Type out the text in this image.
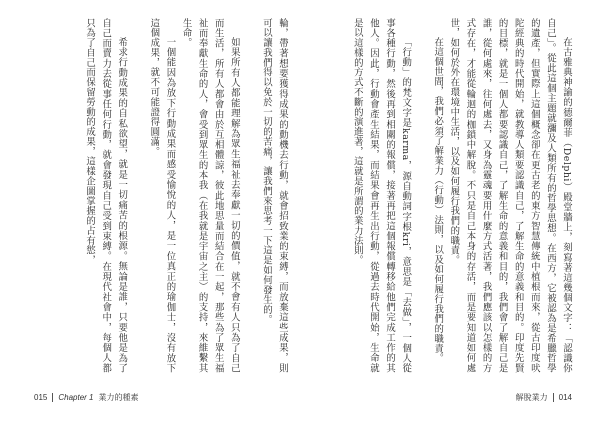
在古雅典神諭的德爾菲（Delphi）殿堂牆上，刻寫著這幾個文字：「認識你自己」。從此這個主題就瀰及人類所有的哲學思想。在西方，它被認為是希臘哲學的遺產，但實際上這個概念卻在更古老的東方智慧傳統中植根而來，從古印度吠陀經典的時代開始，就教導人類要認識自己，了解生命的意義和目的。印度先賢的目標，就是一個人都要認識自己，了解生命的意義和目的，我們會了解自己是誰，從何處來，往何處去，又身為靈魂要用什麼方式活著，我們應該以怎樣的方式存在，才能從輪迴的枷鎖中解脫。不只是自己本身的存活，而是要知道如何處世，如何於外在環境中生活，以及如何履行我們的職責。

在這個世間，我們必須了解業力（行動）法則，以及如何履行我們的職責。

「行動」的梵文字是karma，源自動詞字根kri，意思是「去做」，一個人從事各種行動，然後再到相關的報償，接著再把這個報償轉移給他們完成工作的其他人。因此，行動會產生結果，而結果會再生出行動，從過去時代開始，生命就是以這樣的方式不斷的演進著，這就是所謂的業力法則。

輪，帶著想要獲得成果的動機去行動，就會招致業的束縛，而放棄這些成果，則可以讓我們得以免於一切的苦痛，讓我們來思考一下這是如何發生的。

如果所有人都能理解為眾生福祉去奉獻一切的價值，就不會有人只為了自己而生活，所有人都會由於互相體諒，彼此地思量而結合在一起，那些為了眾生福祉而奉獻生命的人，會受到眾生的本我（在我就是宇宙之主）的支持，來維繫其生命。

一個能因為放下行動成果而感受愉悅的人，是一位真正的瑜伽士，沒有放下這個成果，就不可能證得圓滿。

希求行動成果的自私欲望，就是一切痛苦的根源。無論是誰，只要他是為了自己而賣力去從事任何行動，就會發現自己受到束縛。在現代社會中，每個人都只為了自己而保留勞動的成果，這樣企圖掌握的占有慾，

015 Chapter 1 業力的種素	解脫業力 014
